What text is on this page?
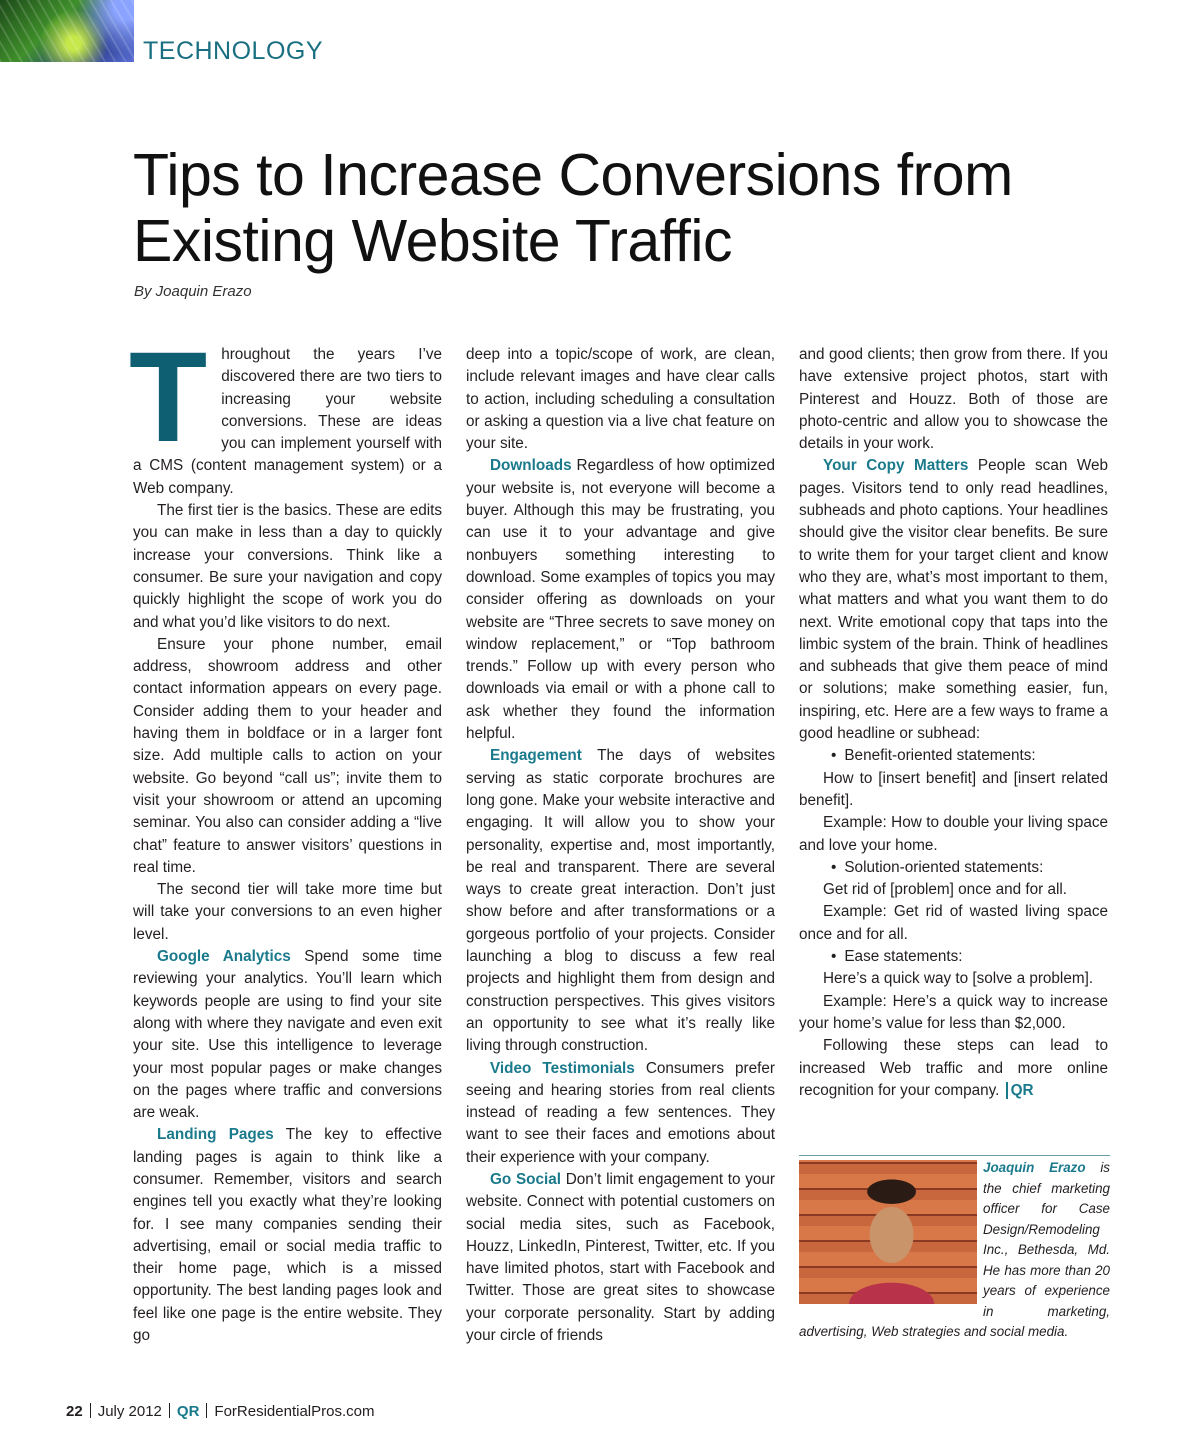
TECHNOLOGY
Tips to Increase Conversions from Existing Website Traffic
By Joaquin Erazo

Throughout the years I’ve discovered there are two tiers to increasing your website conversions. These are ideas you can implement yourself with a CMS (content management system) or a Web company.

The first tier is the basics. These are edits you can make in less than a day to quickly increase your conversions. Think like a consumer. Be sure your navigation and copy quickly highlight the scope of work you do and what you’d like visitors to do next.

Ensure your phone number, email address, showroom address and other contact information appears on every page. Consider adding them to your header and having them in boldface or in a larger font size. Add multiple calls to action on your website. Go beyond “call us”; invite them to visit your showroom or attend an upcoming seminar. You also can consider adding a “live chat” feature to answer visitors’ questions in real time.

The second tier will take more time but will take your conversions to an even higher level.

Google Analytics Spend some time reviewing your analytics. You’ll learn which keywords people are using to find your site along with where they navigate and even exit your site. Use this intelligence to leverage your most popular pages or make changes on the pages where traffic and conversions are weak.

Landing Pages The key to effective landing pages is again to think like a consumer. Remember, visitors and search engines tell you exactly what they’re looking for. I see many companies sending their advertising, email or social media traffic to their home page, which is a missed opportunity. The best landing pages look and feel like one page is the entire website. They go

deep into a topic/scope of work, are clean, include relevant images and have clear calls to action, including scheduling a consultation or asking a question via a live chat feature on your site.

Downloads Regardless of how optimized your website is, not everyone will become a buyer. Although this may be frustrating, you can use it to your advantage and give nonbuyers something interesting to download. Some examples of topics you may consider offering as downloads on your website are “Three secrets to save money on window replacement,” or “Top bathroom trends.” Follow up with every person who downloads via email or with a phone call to ask whether they found the information helpful.

Engagement The days of websites serving as static corporate brochures are long gone. Make your website interactive and engaging. It will allow you to show your personality, expertise and, most importantly, be real and transparent. There are several ways to create great interaction. Don’t just show before and after transformations or a gorgeous portfolio of your projects. Consider launching a blog to discuss a few real projects and highlight them from design and construction perspectives. This gives visitors an opportunity to see what it’s really like living through construction.

Video Testimonials Consumers prefer seeing and hearing stories from real clients instead of reading a few sentences. They want to see their faces and emotions about their experience with your company.

Go Social Don’t limit engagement to your website. Connect with potential customers on social media sites, such as Facebook, Houzz, LinkedIn, Pinterest, Twitter, etc. If you have limited photos, start with Facebook and Twitter. Those are great sites to showcase your corporate personality. Start by adding your circle of friends

and good clients; then grow from there. If you have extensive project photos, start with Pinterest and Houzz. Both of those are photo-centric and allow you to showcase the details in your work.

Your Copy Matters People scan Web pages. Visitors tend to only read headlines, subheads and photo captions. Your headlines should give the visitor clear benefits. Be sure to write them for your target client and know who they are, what’s most important to them, what matters and what you want them to do next. Write emotional copy that taps into the limbic system of the brain. Think of headlines and subheads that give them peace of mind or solutions; make something easier, fun, inspiring, etc. Here are a few ways to frame a good headline or subhead:

• Benefit-oriented statements:

How to [insert benefit] and [insert related benefit].

Example: How to double your living space and love your home.

• Solution-oriented statements:

Get rid of [problem] once and for all.

Example: Get rid of wasted living space once and for all.

• Ease statements:

Here’s a quick way to [solve a problem].

Example: Here’s a quick way to increase your home’s value for less than $2,000.

Following these steps can lead to increased Web traffic and more online recognition for your company. QR

Joaquin Erazo is the chief marketing officer for Case Design/Remodeling Inc., Bethesda, Md. He has more than 20 years of experience in marketing, advertising, Web strategies and social media.
22 July 2012 QR ForResidentialPros.com
